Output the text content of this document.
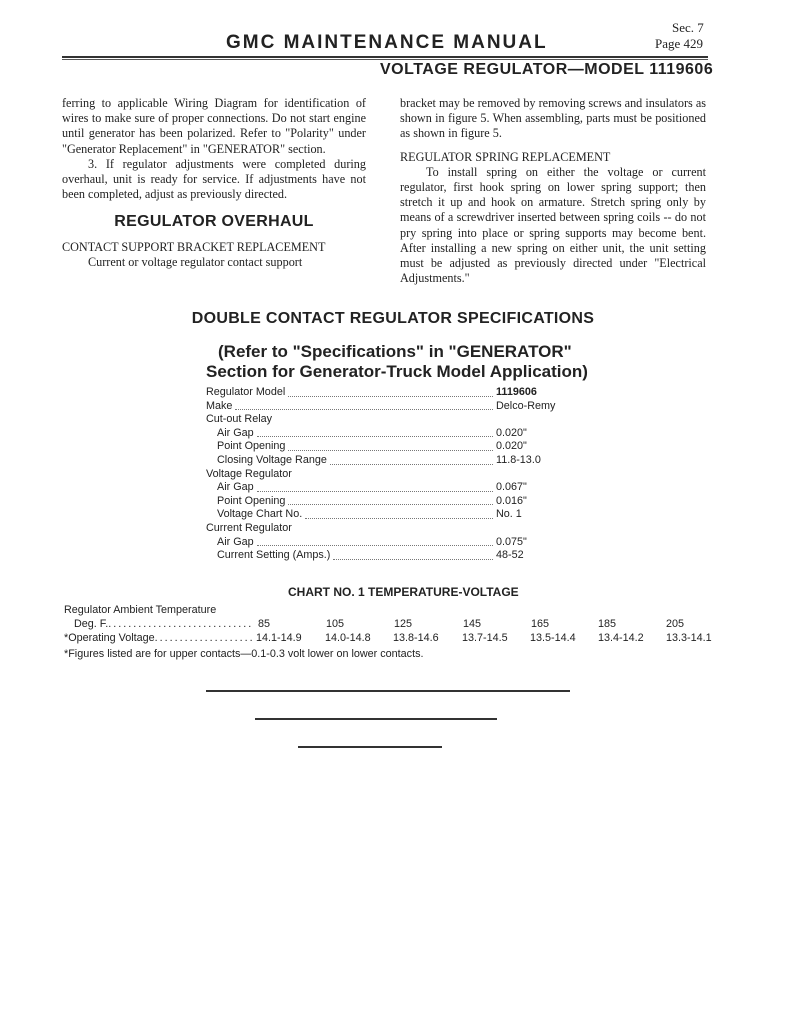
GMC MAINTENANCE MANUAL
Sec. 7
Page 429
VOLTAGE REGULATOR—MODEL 1119606
ferring to applicable Wiring Diagram for identification of wires to make sure of proper connections. Do not start engine until generator has been polarized. Refer to "Polarity" under "Generator Replacement" in "GENERATOR" section.
3. If regulator adjustments were completed during overhaul, unit is ready for service. If adjustments have not been completed, adjust as previously directed.
REGULATOR OVERHAUL
CONTACT SUPPORT BRACKET REPLACEMENT
Current or voltage regulator contact support
bracket may be removed by removing screws and insulators as shown in figure 5. When assembling, parts must be positioned as shown in figure 5.
REGULATOR SPRING REPLACEMENT
To install spring on either the voltage or current regulator, first hook spring on lower spring support; then stretch it up and hook on armature. Stretch spring only by means of a screwdriver inserted between spring coils -- do not pry spring into place or spring supports may become bent. After installing a new spring on either unit, the unit setting must be adjusted as previously directed under "Electrical Adjustments."
DOUBLE CONTACT REGULATOR SPECIFICATIONS
(Refer to "Specifications" in "GENERATOR"
Section for Generator-Truck Model Application)
Regulator Model	1119606
Make	Delco-Remy
Cut-out Relay
Air Gap	0.020"
Point Opening	0.020"
Closing Voltage Range	11.8-13.0
Voltage Regulator
Air Gap	0.067"
Point Opening	0.016"
Voltage Chart No.	No. 1
Current Regulator
Air Gap	0.075"
Current Setting (Amps.)	48-52
CHART NO. 1 TEMPERATURE-VOLTAGE
Regulator Ambient Temperature
Deg. F.............................. 85	105	125	145	165	185	205
*Operating Voltage.................... 14.1-14.9 14.0-14.8 13.8-14.6 13.7-14.5 13.5-14.4 13.4-14.2 13.3-14.1
*Figures listed are for upper contacts—0.1-0.3 volt lower on lower contacts.
